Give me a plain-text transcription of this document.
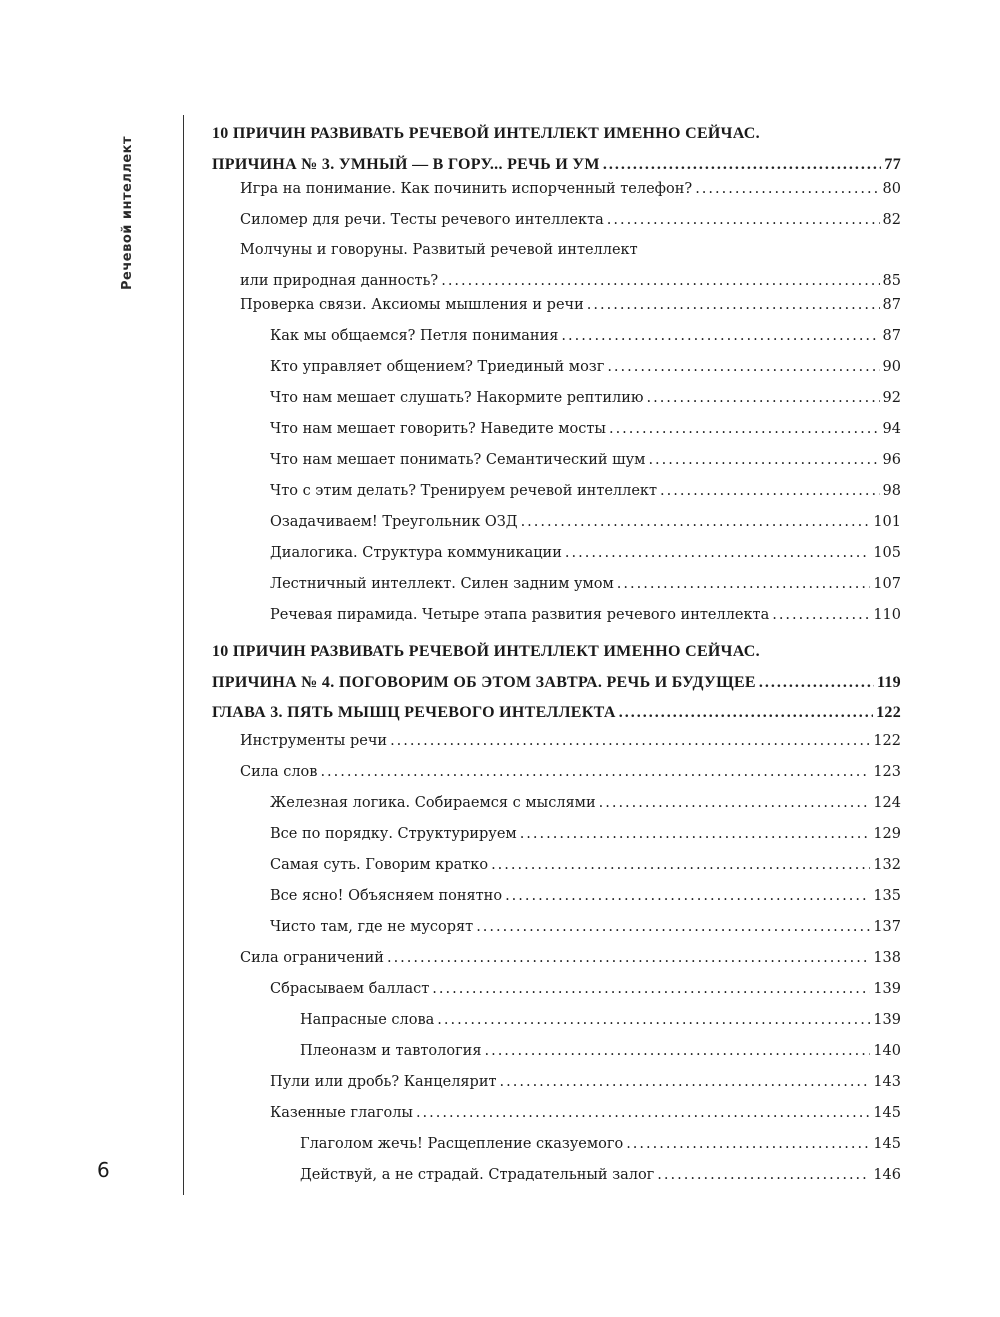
Речевой интеллект
6
10 ПРИЧИН РАЗВИВАТЬ РЕЧЕВОЙ ИНТЕЛЛЕКТ ИМЕННО СЕЙЧАС.
ПРИЧИНА № 3. УМНЫЙ — В ГОРУ... РЕЧЬ И УМ .....	77
Игра на понимание. Как починить испорченный телефон? .....	80
Силомер для речи. Тесты речевого интеллекта .....	82
Молчуны и говоруны. Развитый речевой интеллект
или природная данность? .....	85
Проверка связи. Аксиомы мышления и речи .....	87
Как мы общаемся? Петля понимания .....	87
Кто управляет общением? Триединый мозг .....	90
Что нам мешает слушать? Накормите рептилию .....	92
Что нам мешает говорить? Наведите мосты .....	94
Что нам мешает понимать? Семантический шум .....	96
Что с этим делать? Тренируем речевой интеллект .....	98
Озадачиваем! Треугольник ОЗД .....	101
Диалогика. Структура коммуникации .....	105
Лестничный интеллект. Силен задним умом .....	107
Речевая пирамида. Четыре этапа развития речевого интеллекта .....	110
10 ПРИЧИН РАЗВИВАТЬ РЕЧЕВОЙ ИНТЕЛЛЕКТ ИМЕННО СЕЙЧАС.
ПРИЧИНА № 4. ПОГОВОРИМ ОБ ЭТОМ ЗАВТРА. РЕЧЬ И БУДУЩЕЕ .....	119
ГЛАВА 3. ПЯТЬ МЫШЦ РЕЧЕВОГО ИНТЕЛЛЕКТА .....	122
Инструменты речи .....	122
Сила слов .....	123
Железная логика. Собираемся с мыслями .....	124
Все по порядку. Структурируем .....	129
Самая суть. Говорим кратко .....	132
Все ясно! Объясняем понятно .....	135
Чисто там, где не мусорят .....	137
Сила ограничений .....	138
Сбрасываем балласт .....	139
Напрасные слова .....	139
Плеоназм и тавтология .....	140
Пули или дробь? Канцелярит .....	143
Казенные глаголы .....	145
Глаголом жечь! Расщепление сказуемого .....	145
Действуй, а не страдай. Страдательный залог .....	146
